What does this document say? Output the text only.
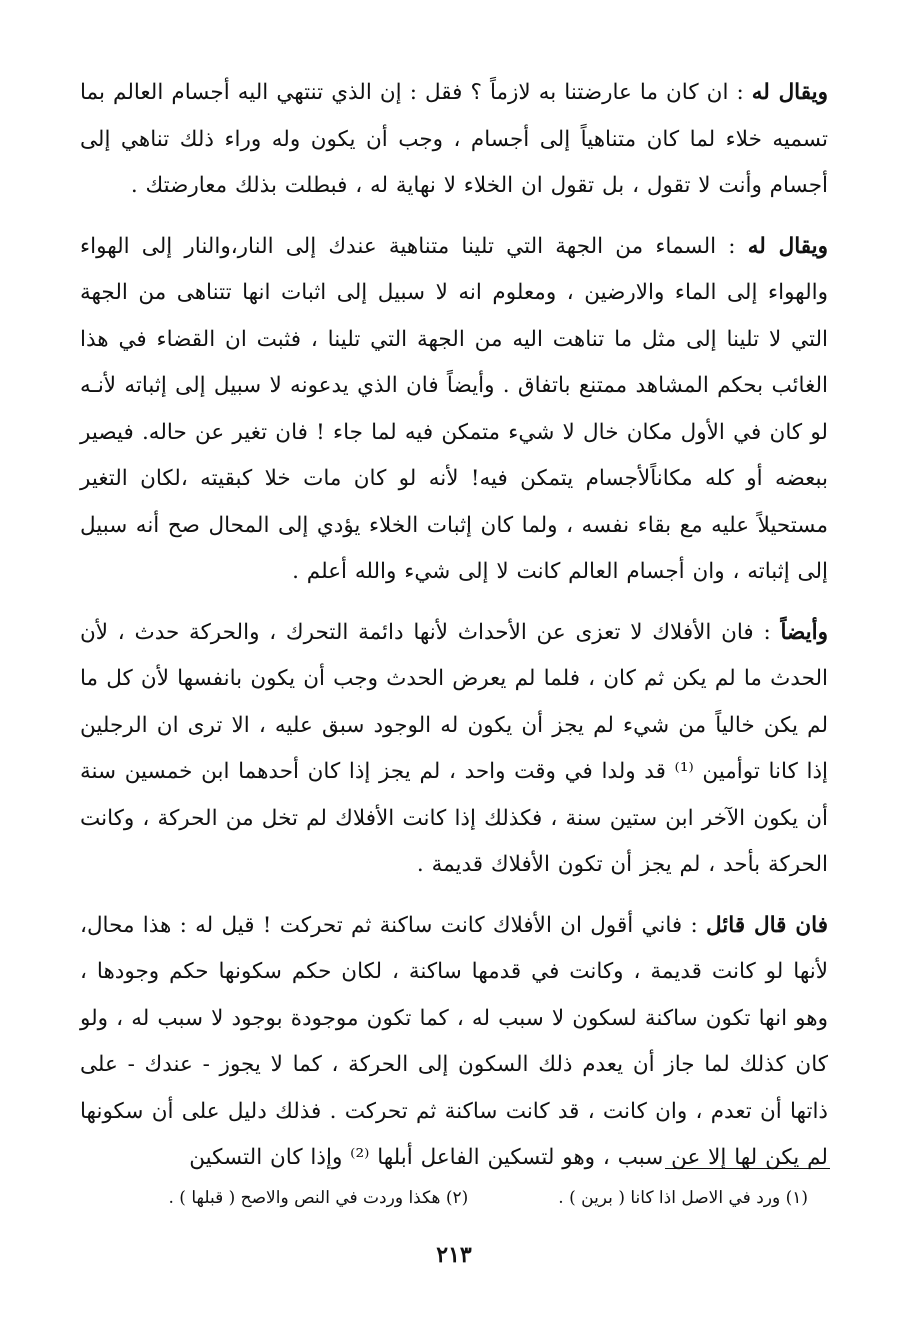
ويقال له : ان كان ما عارضتنا به لازماً ؟ فقل : إن الذي تنتهي اليه أجسام العالم بما تسميه خلاء لما كان متناهياً إلى أجسام ، وجب أن يكون وله وراء ذلك تناهي إلى أجسام وأنت لا تقول ، بل تقول ان الخلاء لا نهاية له ، فبطلت بذلك معارضتك .

ويقال له : السماء من الجهة التي تلينا متناهية عندك إلى النار،والنار إلى الهواء والهواء إلى الماء والارضين ، ومعلوم انه لا سبيل إلى اثبات انها تتناهى من الجهة التي لا تلينا إلى مثل ما تناهت اليه من الجهة التي تلينا ، فثبت ان القضاء في هذا الغائب بحكم المشاهد ممتنع باتفاق . وأيضاً فان الذي يدعونه لا سبيل إلى إثباته لأنـه لو كان في الأول مكان خال لا شيء متمكن فيه لما جاء ! فان تغير عن حاله. فيصير ببعضه أو كله مكاناًلأجسام يتمكن فيه! لأنه لو كان مات خلا كبقيته ،لكان التغير مستحيلاً عليه مع بقاء نفسه ، ولما كان إثبات الخلاء يؤدي إلى المحال صح أنه سبيل إلى إثباته ، وان أجسام العالم كانت لا إلى شيء والله أعلم .

وأيضاً : فان الأفلاك لا تعزى عن الأحداث لأنها دائمة التحرك ، والحركة حدث ، لأن الحدث ما لم يكن ثم كان ، فلما لم يعرض الحدث وجب أن يكون بانفسها لأن كل ما لم يكن خالياً من شيء لم يجز أن يكون له الوجود سبق عليه ، الا ترى ان الرجلين إذا كانا توأمين ⁽¹⁾ قد ولدا في وقت واحد ، لم يجز إذا كان أحدهما ابن خمسين سنة أن يكون الآخر ابن ستين سنة ، فكذلك إذا كانت الأفلاك لم تخل من الحركة ، وكانت الحركة بأحد ، لم يجز أن تكون الأفلاك قديمة .

فان قال قائل : فاني أقول ان الأفلاك كانت ساكنة ثم تحركت ! قيل له : هذا محال، لأنها لو كانت قديمة ، وكانت في قدمها ساكنة ، لكان حكم سكونها حكم وجودها ، وهو انها تكون ساكنة لسكون لا سبب له ، كما تكون موجودة بوجود لا سبب له ، ولو كان كذلك لما جاز أن يعدم ذلك السكون إلى الحركة ، كما لا يجوز - عندك - على ذاتها أن تعدم ، وان كانت ، قد كانت ساكنة ثم تحركت . فذلك دليل على أن سكونها لم يكن لها إلا عن سبب ، وهو لتسكين الفاعل أبلها ⁽²⁾ وإذا كان التسكين

(١) ورد في الاصل اذا كانا ( برين ) .
(٢) هكذا وردت في النص والاصح ( قبلها ) .
٢١٣
